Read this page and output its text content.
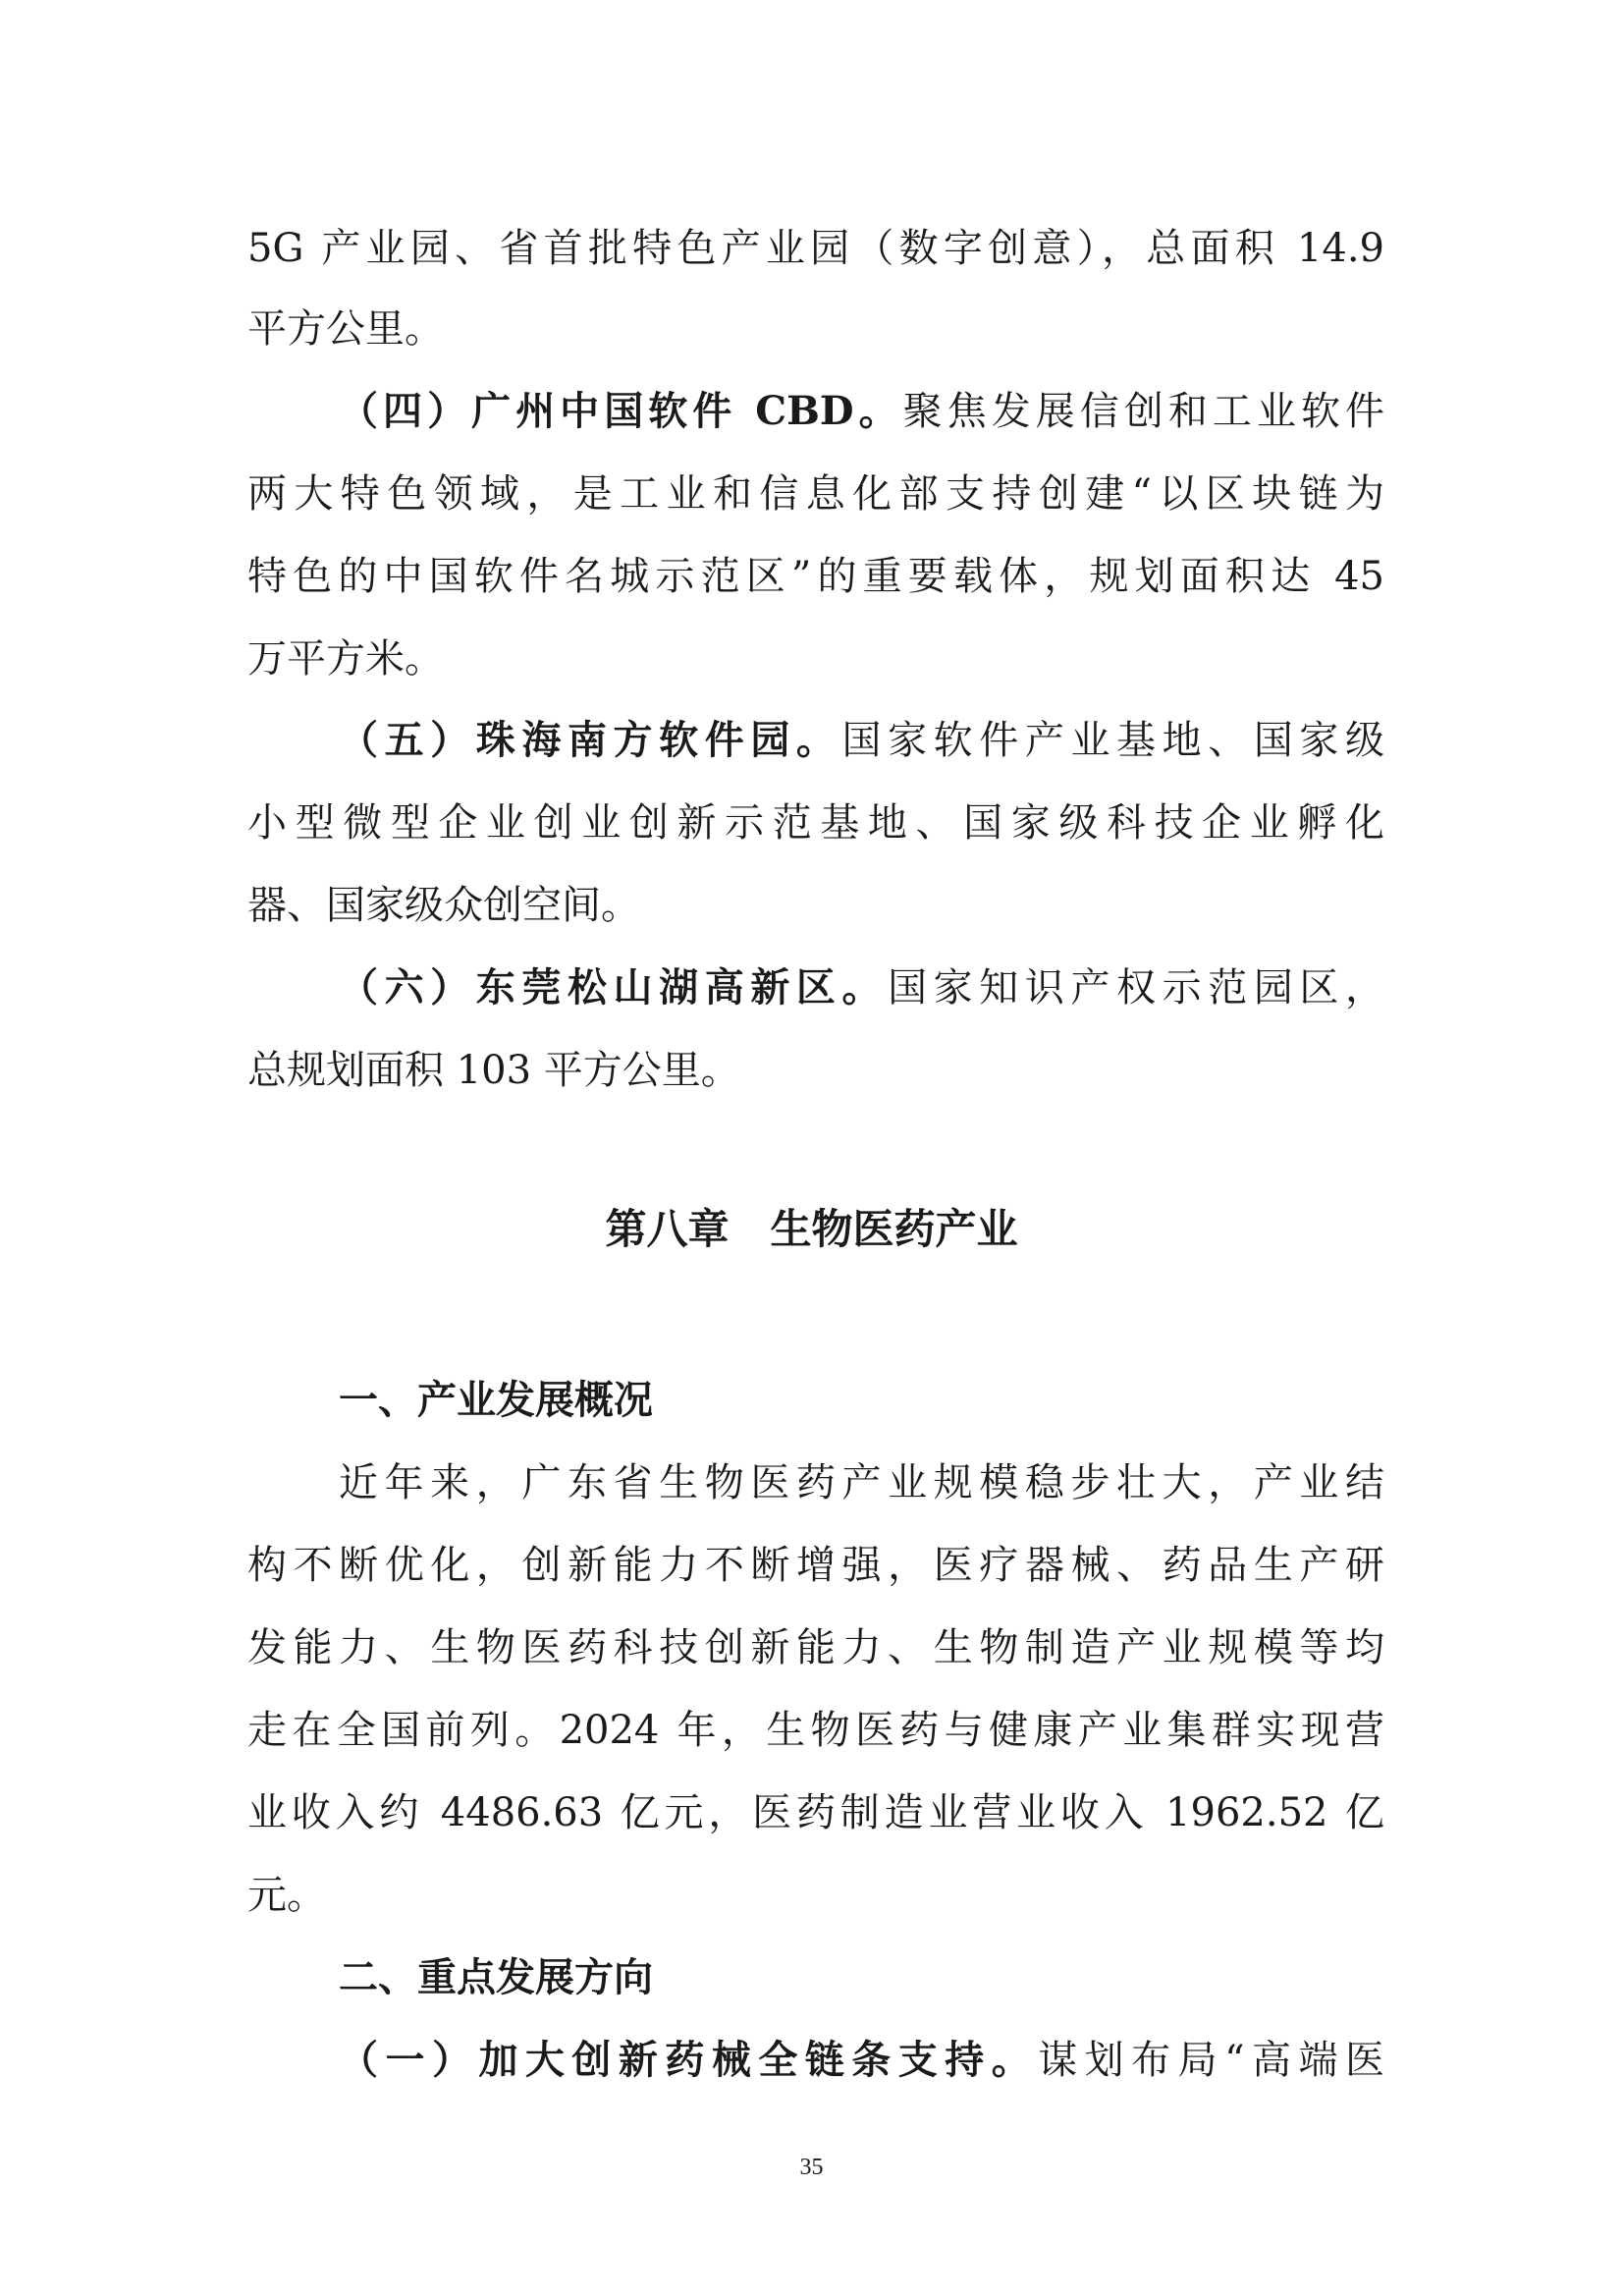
5G 产业园、省首批特色产业园（数字创意），总面积 14.9
平方公里。
（四）广州中国软件 CBD。聚焦发展信创和工业软件
两大特色领域，是工业和信息化部支持创建“以区块链为
特色的中国软件名城示范区”的重要载体，规划面积达 45
万平方米。
（五）珠海南方软件园。国家软件产业基地、国家级
小型微型企业创业创新示范基地、国家级科技企业孵化
器、国家级众创空间。
（六）东莞松山湖高新区。国家知识产权示范园区，
总规划面积 103 平方公里。
第八章　生物医药产业
一、产业发展概况
近年来，广东省生物医药产业规模稳步壮大，产业结
构不断优化，创新能力不断增强，医疗器械、药品生产研
发能力、生物医药科技创新能力、生物制造产业规模等均
走在全国前列。2024 年，生物医药与健康产业集群实现营
业收入约 4486.63 亿元，医药制造业营业收入 1962.52 亿
元。
二、重点发展方向
（一）加大创新药械全链条支持。谋划布局“高端医
35
